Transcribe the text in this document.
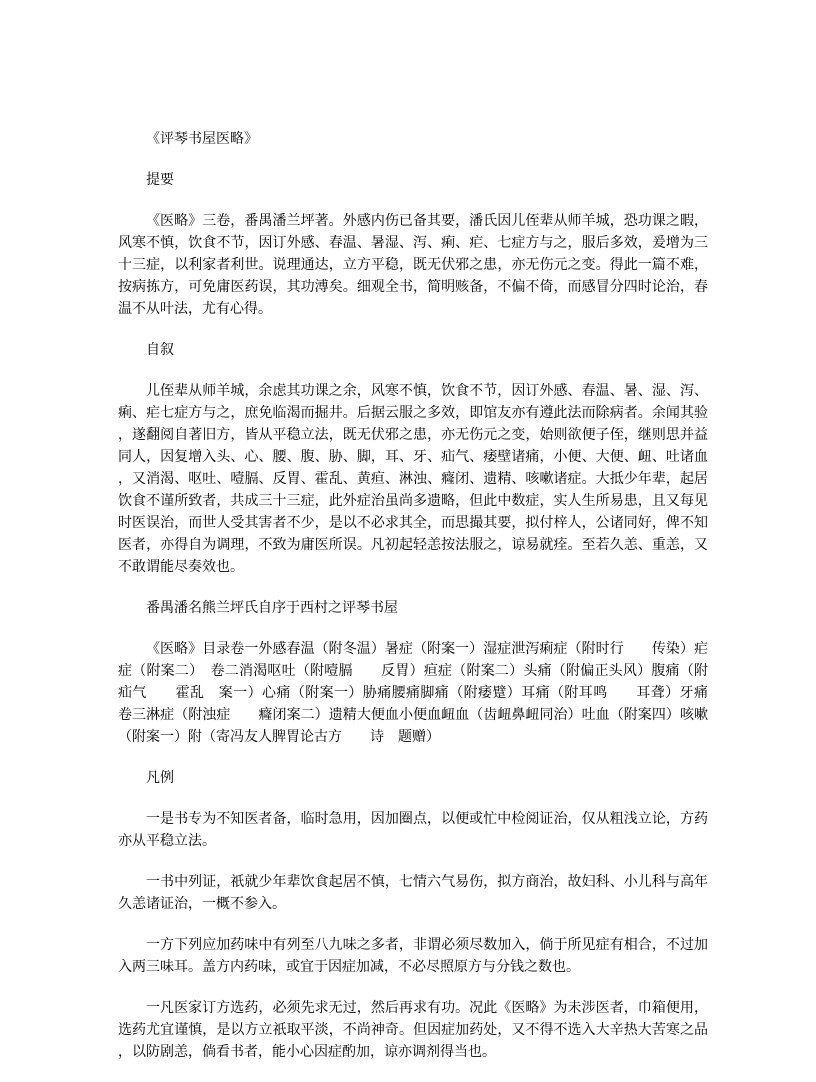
《评琴书屋医略》

提要

《医略》三卷，番禺潘兰坪著。外感内伤已备其要，潘氏因儿侄辈从师羊城，恐功课之暇，风寒不慎，饮食不节，因订外感、春温、暑湿、泻、痢、疟、七症方与之，服后多效，爰增为三十三症，以利家者利世。说理通达，立方平稳，既无伏邪之患，亦无伤元之变。得此一篇不难，按病拣方，可免庸医药误，其功溥矣。细观全书，简明赅备，不偏不倚，而感冒分四时论治，春温不从叶法，尤有心得。

自叙

儿侄辈从师羊城，余虑其功课之余，风寒不慎，饮食不节，因订外感、春温、暑、湿、泻、痢、疟七症方与之，庶免临渴而掘井。后据云服之多效，即馆友亦有遵此法而除病者。余闻其验，遂翻阅自著旧方，皆从平稳立法，既无伏邪之患，亦无伤元之变，始则欲便子侄，继则思并益同人，因复增入头、心、腰、腹、胁、脚，耳、牙、疝气、痿壁诸痛，小便、大便、衄、吐诸血，又消渴、呕吐、噎膈、反胃、霍乱、黄疸、淋浊、癃闭、遗精、咳嗽诸症。大抵少年辈，起居饮食不谨所致者，共成三十三症，此外症治虽尚多遗略，但此中数症，实人生所易患，且又每见时医误治，而世人受其害者不少，是以不必求其全，而思撮其要，拟付梓人，公诸同好，俾不知医者，亦得自为调理，不致为庸医所误。凡初起轻恙按法服之，谅易就痊。至若久恙、重恙，又不敢谓能尽奏效也。

番禺潘名熊兰坪氏自序于西村之评琴书屋

《医略》目录卷一外感春温（附冬温）暑症（附案一）湿症泄泻痢症（附时行　　传染）疟症（附案二）　卷二消渴呕吐（附噎膈　　反胃）疸症（附案二）头痛（附偏正头风）腹痛（附疝气　　霍乱　案一）心痛（附案一）胁痛腰痛脚痛（附痿躄）耳痛（附耳鸣　　耳聋）牙痛　卷三淋症（附浊症　　癃闭案二）遗精大便血小便血衄血（齿衄鼻衄同治）吐血（附案四）咳嗽（附案一）附（寄冯友人脾胃论古方　　诗　题赠）

凡例

一是书专为不知医者备，临时急用，因加圈点，以便或忙中检阅证治，仅从粗浅立论，方药亦从平稳立法。

一书中列证，祇就少年辈饮食起居不慎，七情六气易伤，拟方商治，故妇科、小儿科与高年久恙诸证治，一概不参入。

一方下列应加药味中有列至八九味之多者，非谓必须尽数加入，倘于所见症有相合，不过加入两三味耳。盖方内药味，或宜于因症加减，不必尽照原方与分钱之数也。

一凡医家订方选药，必须先求无过，然后再求有功。况此《医略》为未涉医者，巾箱便用，选药尤宜谨慎，是以方立祇取平淡，不尚神奇。但因症加药处，又不得不选入大辛热大苦寒之品，以防剧恙，倘看书者，能小心因症酌加，谅亦调剂得当也。
